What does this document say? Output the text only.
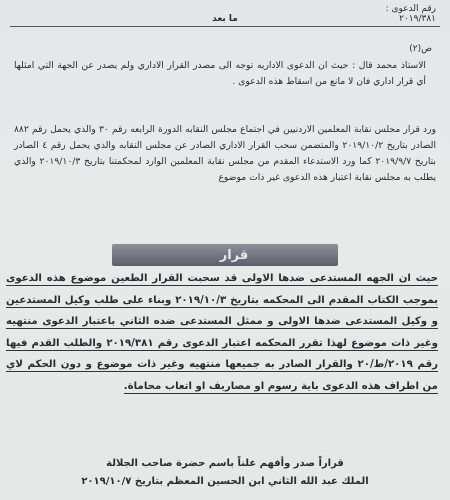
رقم الدعوى :
٢٠١٩/٣٨١
ما بعد
ص(٢)
الاستاذ محمد قال : حيث ان الدعوى الاداريه توجه الى مصدر القرار الاداري ولم يصدر عن الجهة التي امثلها أي قرار اداري فان لا مانع من اسقاط هذه الدعوى .
ورد قرار مجلس نقابة المعلمين الاردنيين في اجتماع مجلس النقابه الدورة الرابعه رقم ٣٠ والذي يحمل رقم ٨٨٢ الصادر بتاريخ ٢٠١٩/١٠/٢ والمتضمن سحب القرار الاداري الصادر عن مجلس النقابه والذي يحمل رقم ٤ الصادر بتاريخ ٢٠١٩/٩/٧ كما ورد الاستدعاء المقدم من مجلس نقابة المعلمين الوارد لمحكمتنا بتاريخ ٢٠١٩/١٠/٣ والذي يطلب به مجلس نقابة اعتبار هذه الدعوى غير ذات موضوع
قرار
حيث ان الجهه المستدعى ضدها الاولى قد سحبت القرار الطعين موضوع هذه الدعوى بموجب الكتاب المقدم الى المحكمه بتاريخ ٢٠١٩/١٠/٣ وبناء على طلب وكيل المستدعين و وكيل المستدعى ضدها الاولى و ممثل المستدعى ضده الثاني باعتبار الدعوى منتهيه وغير ذات موضوع لهذا تقرر المحكمه اعتبار الدعوى رقم ٢٠١٩/٣٨١ والطلب القدم فيها رقم ٢٠١٩/ط/٢٠ والقرار الصادر به جميعها منتهيه وغير ذات موضوع و دون الحكم لاي من اطراف هذه الدعوى باية رسوم او مصاريف او اتعاب محاماة.
قراراً صدر وأفهم علناً باسم حضرة صاحب الجلالة
الملك عبد الله الثاني ابن الحسين المعظم بتاريخ ٢٠١٩/١٠/٧
